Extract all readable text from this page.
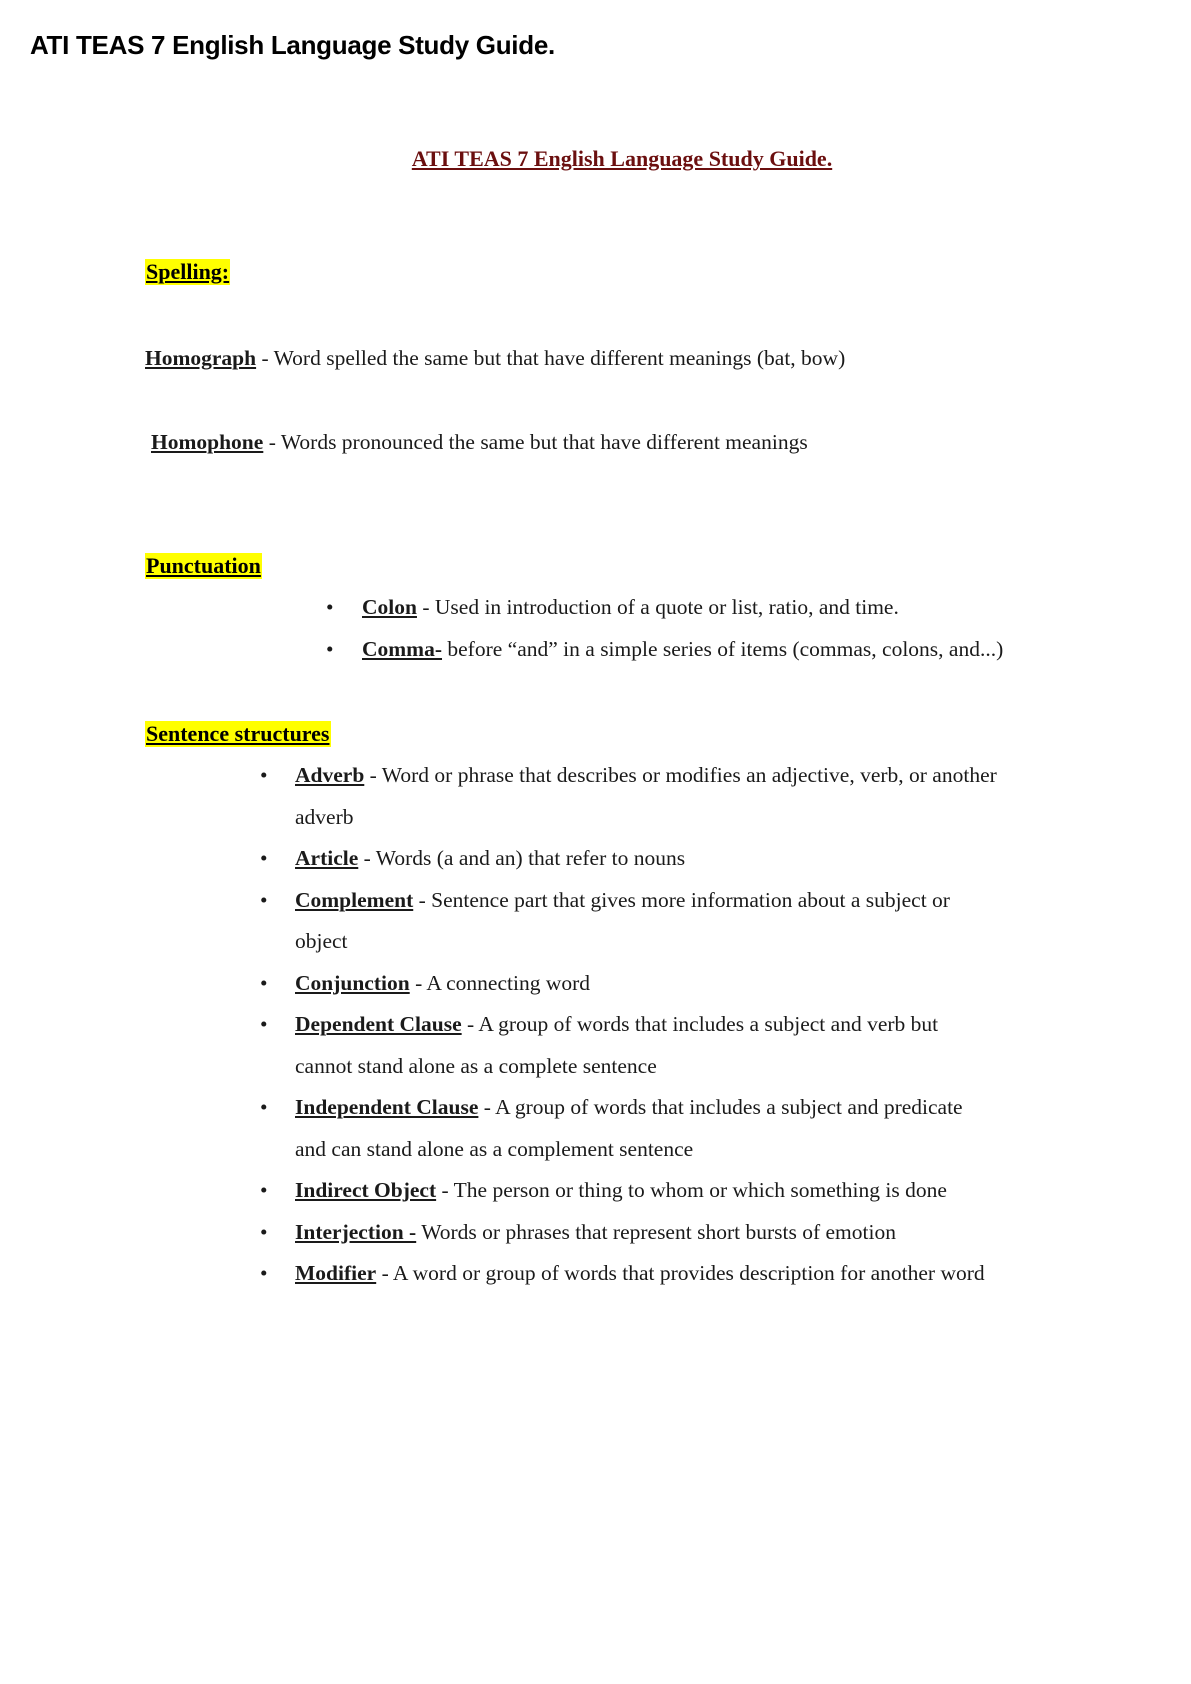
ATI TEAS 7 English Language Study Guide.
ATI TEAS 7 English Language Study Guide.
Spelling:
Homograph - Word spelled the same but that have different meanings (bat, bow)
Homophone - Words pronounced the same but that have different meanings
Punctuation
• Colon - Used in introduction of a quote or list, ratio, and time.
• Comma- before “and” in a simple series of items (commas, colons, and...)
Sentence structures
• Adverb - Word or phrase that describes or modifies an adjective, verb, or another
adverb
• Article - Words (a and an) that refer to nouns
• Complement - Sentence part that gives more information about a subject or
object
• Conjunction - A connecting word
• Dependent Clause - A group of words that includes a subject and verb but
cannot stand alone as a complete sentence
• Independent Clause - A group of words that includes a subject and predicate
and can stand alone as a complement sentence
• Indirect Object - The person or thing to whom or which something is done
• Interjection - Words or phrases that represent short bursts of emotion
• Modifier - A word or group of words that provides description for another word
